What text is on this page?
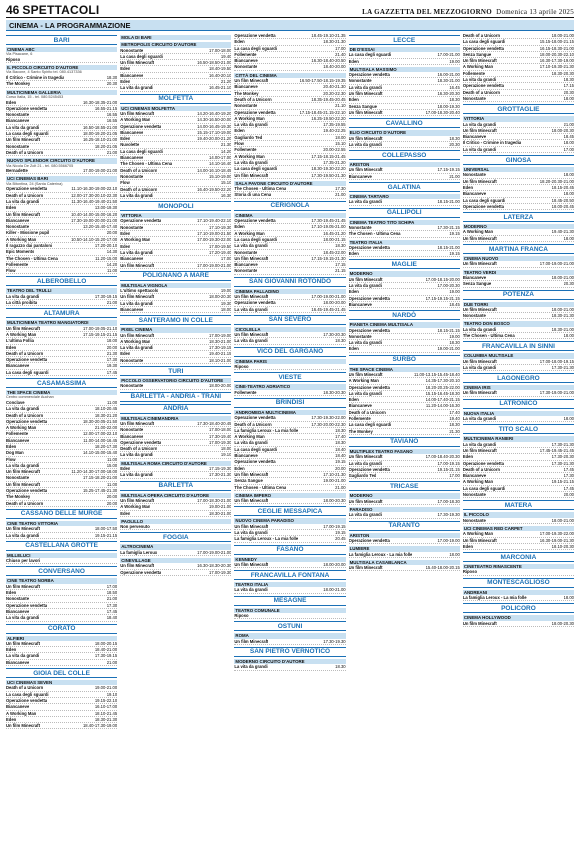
46 SPETTACOLI	LA GAZZETTA DEL MEZZOGIORNO Domenica 13 aprile 2025
CINEMA - LA PROGRAMMAZIONE
BARI
CINEMA ABC
Via Pisacane, 6
Riposo
IL PICCOLO CIRCUITO D'AUTORE
Via Bacone, 4 Santo Spirito tel. 080.4137336
Il Critico - Crimine in tragedia	18.30
The Monkey	20.30
MULTICINEMA GALLERIA
Corso Italia, 15 - tel. 080.5245453
Eden	16.30-18.35-21.00
Operazione vendetta	16.55-21.15
Nonostante	16.55
Biancaneve	16.55
La vita da grandi	16.50-18.55-21.00
La casa degli sguardi	18.00-19.20-21.05
Un film Minecraft	16.25-18.10-21.00
Nonostante	18.20-21.05
Death of a Unicorn	21.00
NUOVO SPLENDOR CIRCUITO D'AUTORE
Via Nicola De Zolt 21 - tel. 080.5566705
Bernadette	17.00-19.00-21.00
UCI CINEMAS BARI
Via Bitontina, 24 (Santa Caterina)
Operazione vendetta	11.10-16.30-19.00-22.10
Death of a Unicorn	12.00-17.30-20.10-22.30
La vita da grandi	11.30-16.40-19.40-21.50
Eden	13.00-19.30
Un film Minecraft	10.40-14.00-15.00-16.20
Biancaneve	17.30-19.00-20.00-21.00
Nonostante	13.20-15.40-17.40
Killer - Missione pupil	20.00
A Working Man	10.50-14.10-15.20-17.00
Il ragazzo dai pantaloni	17.20-20.10
Epic Moments	14.30
The Chosen - Ultima Cena	11.20-15.00
Follemente	14.20
Flow	11.00
ALBEROBELLO
TEATRO DEL TRULLI
La vita da grandi	17.30-19.15
La città proibita	21.00
ALTAMURA
MULTICINEMA TEATRO MANGIATORDI
Un film Minecraft	17.00-19.05-21.10
A Working Man	17.15-19.15-21.15
L'ultima Follia	18.00
Eden	20.00
Death of a Unicorn	21.30
Operazione vendetta	17.30
Biancaneve	19.30
La casa degli sguardi	17.45
CASAMASSIMA
THE SPACE CINEMA
Centro commerciale Auchan
Conclave	11.00
La vita da grandi	18.10-20.45
Death of a Unicorn	18.30-21.20
Operazione vendetta	18.30-20.05-21.50
A Working Man	21.00-22.00
Follemente	12.00-17.00-22.10
Biancaneve	11.00-14.00-16.45
Eden	18.20-17.30
Dog Man	14.10-15.00-15.40
Flow	11.00
La vita da grandi	15.00
Un film Minecraft	11.20-14.30-17.00-18.00
Nonostante	17.15-18.20-21.00
Un film Minecraft	11.00
Operazione vendetta	15.25-17.45-21.30
The Monkey	20.00
Death of a Unicorn	20.00
CASSANO DELLE MURGE
CINE TEATRO VITTORIA
Un film Minecraft	18.00-17.50
La vita da grandi	19.15-21.15
CASTELLANA GROTTE
MILLELUCI
Chiuso per lavori
CONVERSANO
CINE TEATRO NORBA
Un film Minecraft	17.00
Eden	18.50
Nonostante	21.00
Operazione vendetta	17.30
Biancaneve	17.45
La vita da grandi	18.40
CORATO
ALFIERI
Un film Minecraft	18.00-20.15
Eden	18.40-21.00
La vita da grandi	17.30-19.15
Biancaneve	21.00
GIOIA DEL COLLE
UCI CINEMAS SEVEN
Death of a Unicorn	19.00-21.00
La casa degli sguardi	19.10
Operazione vendetta	19.15-22.10
Biancaneve	16.10-17.00
A Working Man	18.10-21.45
Eden	18.30-21.30
Un film Minecraft	18.40-17.30-19.00
MOLA DI BARI
METROPOLIS CIRCUITO D'AUTORE
Nonostante	17.00-18.00
La casa degli sguardi	19.40
Un film Minecraft	16.50-18.50-21.00
Eden	18.40-19.50
Biancaneve	16.40-20.10
Eden	21.20
La vita da grandi	16.45-21.10
MOLFETTA
UCI CINEMAS MOLFETTA
Un film Minecraft	14.20-16.40-19.20
A Working Man	14.30-16.50-20.00
Operazione vendetta	14.00-16.45-19.30
Biancaneve	15.15-17.10-19.00
Eden	19.40-20.00-21.20
Nuvolette	21.30
La casa degli sguardi	14.20
Biancaneve	14.00-17.00
The Chosen - Ultima Cena	14.10-16.40
Death of a Unicorn	14.00-16.10-18.45
Nonostante	15.10-19.00
Flow	15.10
Death of a Unicorn	16.40-19.50-22.20
La vita da grandi	16.30
MONOPOLI
VITTORIA
Operazione vendetta	17.10-19.40-22.10
Nonostante	17.10-19.30
Eden	17.10-19.00-21.50
A Working Man	17.00-19.30-22.00
Eden	17.00-19.50
La vita da grandi	17.20-19.40
Biancaneve	17.00
Un film Minecraft	17.00-19.00-21.00
POLIGNANO A MARE
MULTISALA VIGNOLA
L'ultimo spettacolo	19.00
Un film Minecraft	18.00-20.30
La vita da grandi	19.30
Biancaneve	18.00
SANTERAMO IN COLLE
PIXEL CINEMA
Un film Minecraft	17.00-19.00
A Working Man	18.30-21.00
La vita da grandi	17.30-19.15
Eden	19.40-21.15
Nonostante	18.10-21.00
TURI
PICCOLO OSSERVATORIO CIRCUITO D'AUTORE
Nonostante	18.00-20.00
BARLETTA - ANDRIA - TRANI
ANDRIA
MULTISALA CINEMANDRIA
Un film Minecraft	17.30-18.40-20.45
Nonostante	17.00-18.00
Biancaneve	17.30-19.40
Operazione vendetta	17.00-19.30
Death of a Unicorn	18.00
La vita da grandi	19.10
MULTISALA ROMA CIRCUITO D'AUTORE
Eden	17.15-19.30
La vita da grandi	17.30-21.30
BARLETTA
MULTISALA OPERA CIRCUITO D'AUTORE
Un film Minecraft	17.00-18.30-21.00
A Working Man	19.00-21.00
Eden	18.30-21.00
PAOLILLO
Non pervenuto
FOGGIA
ALTROCINEMA
La famiglia Leroux	17.00-19.00-21.00
CINEVILLAGE
Un film Minecraft	16.30-18.30-20.30
Operazione vendetta	17.00-19.30
Operazione vendetta	18.45-19.10-21.35
Eden	18.30-21.30
La casa degli sguardi	17.00
Follemente	21.40
Biancaneve	16.30-18.40-20.50
Nonostante	18.40-20.00
CITTÀ DEL CINEMA
Un film Minecraft	16.50-17.50-18.15-19.35
Biancaneve	20.40-21.30
The Monkey	20.20-22.30
Death of a Unicorn	18.35-19.45-20.45
Nonostante	21.10
Operazione vendetta	17.15-18.45-21.15-22.10
A Working Man	16.25-19.50-22.20
La vita da grandi	17.35-19.55
Eden	19.40-22.25
Gagliardo Ted	18.00
Flow	15.10
Follemente	20.00-22.55
A Working Man	17.15-18.15-21.45
La vita da grandi	17.35-21.20
La casa degli sguardi	18.30-19.30-22.20
Un film Minecraft	17.30-19.50-21.30
SALA PAVONE CIRCUITO D'AUTORE
The Chosen - Ultima Cena	17.30
Storia di una Cena	21.00
CERIGNOLA
CINEMA
Operazione vendetta	17.30-19.45-21.45
Eden	17.10-19.05-21.00
A Working Man	16.45-21.20
La casa degli sguardi	18.00-21.15
La vita da grandi	18.30
Nonostante	18.45-22.00
Un film Minecraft	17.15-19.15-21.30
Biancaneve	17.15
Nonostante	21.15
SAN GIOVANNI ROTONDO
CINEMA PALLADINO
Un film Minecraft	17.00-19.00-21.00
Operazione vendetta	18.00-20.00
La vita da grandi	16.45-19.45-21.45
SAN SEVERO
CICOLELLA
Un film Minecraft	17.30-20.30
La vita da grandi	18.30
VICO DEL GARGANO
CINEMA PARIS
Riposo
VIESTE
CINE-TEATRO ADRIATICO
Follemente	18.30-20.30
BRINDISI
ANDROMEDA MULTICINEMA
Operazione vendetta	17.30-19.30-22.00
Death of a Unicorn	17.30-20.00-22.30
La famiglia Leroux - La mia folle	18.30
A Working Man	17.40
La vita da grandi	18.30
La casa degli sguardi	18.40
Biancaneve	18.40
Operazione vendetta	19.15
Eden	20.00
Un film Minecraft	17.10-21.30
Senza Sangue	19.00-21.00
The Chosen - Ultima Cena	21.00
CINEMA IMPERO
Un film Minecraft	18.00-20.30
CEGLIE MESSAPICA
NUOVO CINEMA PARADISO
Un film Minecraft	17.00-19.15
La vita da grandi	19.15
La famiglia Leroux - La mia folle	20.45
FASANO
KENNEDY
Un film Minecraft	18.00-20.00
FRANCAVILLA FONTANA
TEATRO ITALIA
La vita da grandi	18.00-21.00
MESAGNE
TEATRO COMUNALE
Riposo
OSTUNI
ROMA
Un film Minecraft	17.30-19.30
SAN PIETRO VERNOTICO
MODERNO CIRCUITO D'AUTORE
La vita da grandi	18.30
LECCE
DB D'ESSAI
La casa degli sguardi	17.00-21.00
Eden	19.00
MULTISALA MASSIMO
Operazione vendetta	16.00-21.00
Nonostante	18.30-21.00
La vita da grandi	16.45
Un film Minecraft	16.30-20.30
Eden	18.30
Senza Sangue	18.00-19.30
Un film Minecraft	17.00-18.30-20.40
CAVALLINO
ELIO CIRCUITO D'AUTORE
Un film Minecraft	18.30
La vita da grandi	20.30
COLLEPASSO
ARISTON
Un film Minecraft	17.15-19.15
Biancaneve	21.00
GALATINA
CINEMA TARTARO
La vita da grandi	18.15-21.00
GALLIPOLI
CINEMA TEATRO TITO SCHIPA
Nonostante	17.30-21.15
The Chosen - Ultima Cena	19.15
TEATRO ITALIA
Operazione vendetta	18.15-21.00
Eden	19.15
MAGLIE
MODERNO
Un film Minecraft	17.00-18.15-20.00
La vita da grandi	17.00-20.30
Eden	19.00
Operazione vendetta	17.15-19.15-21.15
Biancaneve	18.45
NARDÒ
PIANETA CINEMA MULTISALA
Operazione vendetta	18.15-21.15
Nonostante	19.00
La vita da grandi	18.30
Eden	19.00-21.00
SURBO
THE SPACE CINEMA
Un film Minecraft	11.00-13.15-15.45-18.40
A Working Man	14.35-17.30-20.10
Operazione vendetta	18.20-20.25-22.00
La vita da grandi	15.15-16.45-18.30
Eden	14.00-17.40-21.15
Biancaneve	11.20-14.00-16.30
Death of a Unicorn	17.40
Follemente	19.40
La casa degli sguardi	18.30
The Monkey	21.30
TAVIANO
MULTIPLEX TEATRO FASANO
Un film Minecraft	17.00-18.40-20.30
La vita da grandi	17.00-19.15
Operazione vendetta	19.15-21.15
Gagliardo Ted	17.00
TRICASE
MODERNO
Un film Minecraft	17.00-18.30
PARADISO
La vita da grandi	17.30-19.30
TARANTO
ARISTON
Operazione vendetta	17.00-19.00
LUMIERE
La famiglia Leroux - La mia folle	18.00
MULTISALA CASABLANCA
Un film Minecraft	15.40-18.00-20.15
Death of a Unicorn	18.00-21.00
La casa degli sguardi	15.15-18.00-21.15
Operazione vendetta	16.15-18.30-21.00
Senza Sangue	18.00-20.30-22.10
Un film Minecraft	16.30-17.30-19.00
A Working Man	17.10-19.30-21.30
Follemente	18.30-20.30
La vita da grandi	18.30
Operazione vendetta	17.15
Death of a Unicorn	20.30
Nonostante	18.00
GROTTAGLIE
VITTORIA
La vita da grandi	21.00
Un film Minecraft	18.00-20.30
Biancaneve	18.45
Il Critico - Crimine in tragedia	18.00
La vita da grandi	17.00
GINOSA
UNIVERSAL
Nonostante	18.00
Un film Minecraft	18.20-20.30-21.00
Eden	18.15-20.45
Biancaneve	18.00
La casa degli sguardi	18.45-20.50
Operazione vendetta	18.00-20.45
LATERZA
MODERNO
A Working Man	19.40-21.30
Un film Minecraft	18.00
MARTINA FRANCA
CINEMA NUOVO
Un film Minecraft	17.00-19.00-21.00
TEATRO VERDI
Biancaneve	18.00-21.00
Senza Sangue	20.30
POTENZA
DUE TORRI
Un film Minecraft	18.00-21.00
Nonostante	18.30-21.30
TEATRO DON BOSCO
La vita da grandi	18.30-21.00
The Chosen - Ultima Cena	18.00
FRANCAVILLA IN SINNI
COLUMBIA MULTISALE
Un film Minecraft	17.00-18.00-19.15
La vita da grandi	17.30-21.30
LAGONEGRO
CINEMA IRIS
Un film Minecraft	17.30-19.00-21.00
LATRONICO
NUOVA ITALIA
La vita da grandi	18.00
TITO SCALO
MULTICINEMA RANIERI
La vita da grandi	17.30-21.30
Un film Minecraft	17.45-19.45-21.45
Eden	17.30-20.30
Operazione vendetta	17.30-21.30
Death of a Unicorn	17.45
Biancaneve	17.30
A Working Man	19.15-21.15
La casa degli sguardi	17.45
Nonostante	20.00
MATERA
IL PICCOLO
Nonostante	18.00-21.00
UCI CINEMAS RED CARPET
A Working Man	17.00-19.30-22.00
Un film Minecraft	16.30-19.00-21.30
Eden	18.10-20.30
MARCONIA
CINETEATRO RINASCENTE
Riposo
MONTESCAGLIOSO
ANDREANI
La famiglia Leroux - La mia folle	18.00
POLICORO
CINEMA HOLLYWOOD
Un film Minecraft	18.00-20.30
